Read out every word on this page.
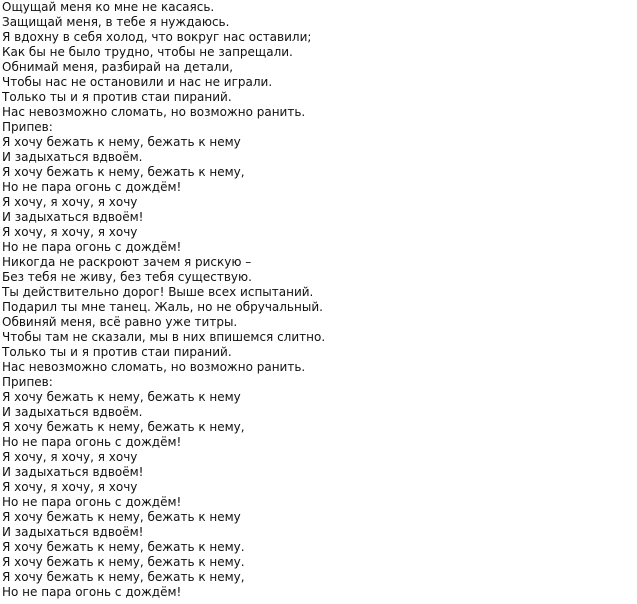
Ощущай меня ко мне не касаясь.
Защищай меня, в тебе я нуждаюсь.
Я вдохну в себя холод, что вокруг нас оставили;
Как бы не было трудно, чтобы не запрещали.
Обнимай меня, разбирай на детали,
Чтобы нас не остановили и нас не играли.
Только ты и я против стаи пираний.
Нас невозможно сломать, но возможно ранить.
Припев:
Я хочу бежать к нему, бежать к нему
И задыхаться вдвоём.
Я хочу бежать к нему, бежать к нему,
Но не пара огонь с дождём!
Я хочу, я хочу, я хочу
И задыхаться вдвоём!
Я хочу, я хочу, я хочу
Но не пара огонь с дождём!
Никогда не раскроют зачем я рискую –
Без тебя не живу, без тебя существую.
Ты действительно дорог! Выше всех испытаний.
Подарил ты мне танец. Жаль, но не обручальный.
Обвиняй меня, всё равно уже титры.
Чтобы там не сказали, мы в них впишемся слитно.
Только ты и я против стаи пираний.
Нас невозможно сломать, но возможно ранить.
Припев:
Я хочу бежать к нему, бежать к нему
И задыхаться вдвоём.
Я хочу бежать к нему, бежать к нему,
Но не пара огонь с дождём!
Я хочу, я хочу, я хочу
И задыхаться вдвоём!
Я хочу, я хочу, я хочу
Но не пара огонь с дождём!
Я хочу бежать к нему, бежать к нему
И задыхаться вдвоём!
Я хочу бежать к нему, бежать к нему.
Я хочу бежать к нему, бежать к нему.
Я хочу бежать к нему, бежать к нему,
Но не пара огонь с дождём!
